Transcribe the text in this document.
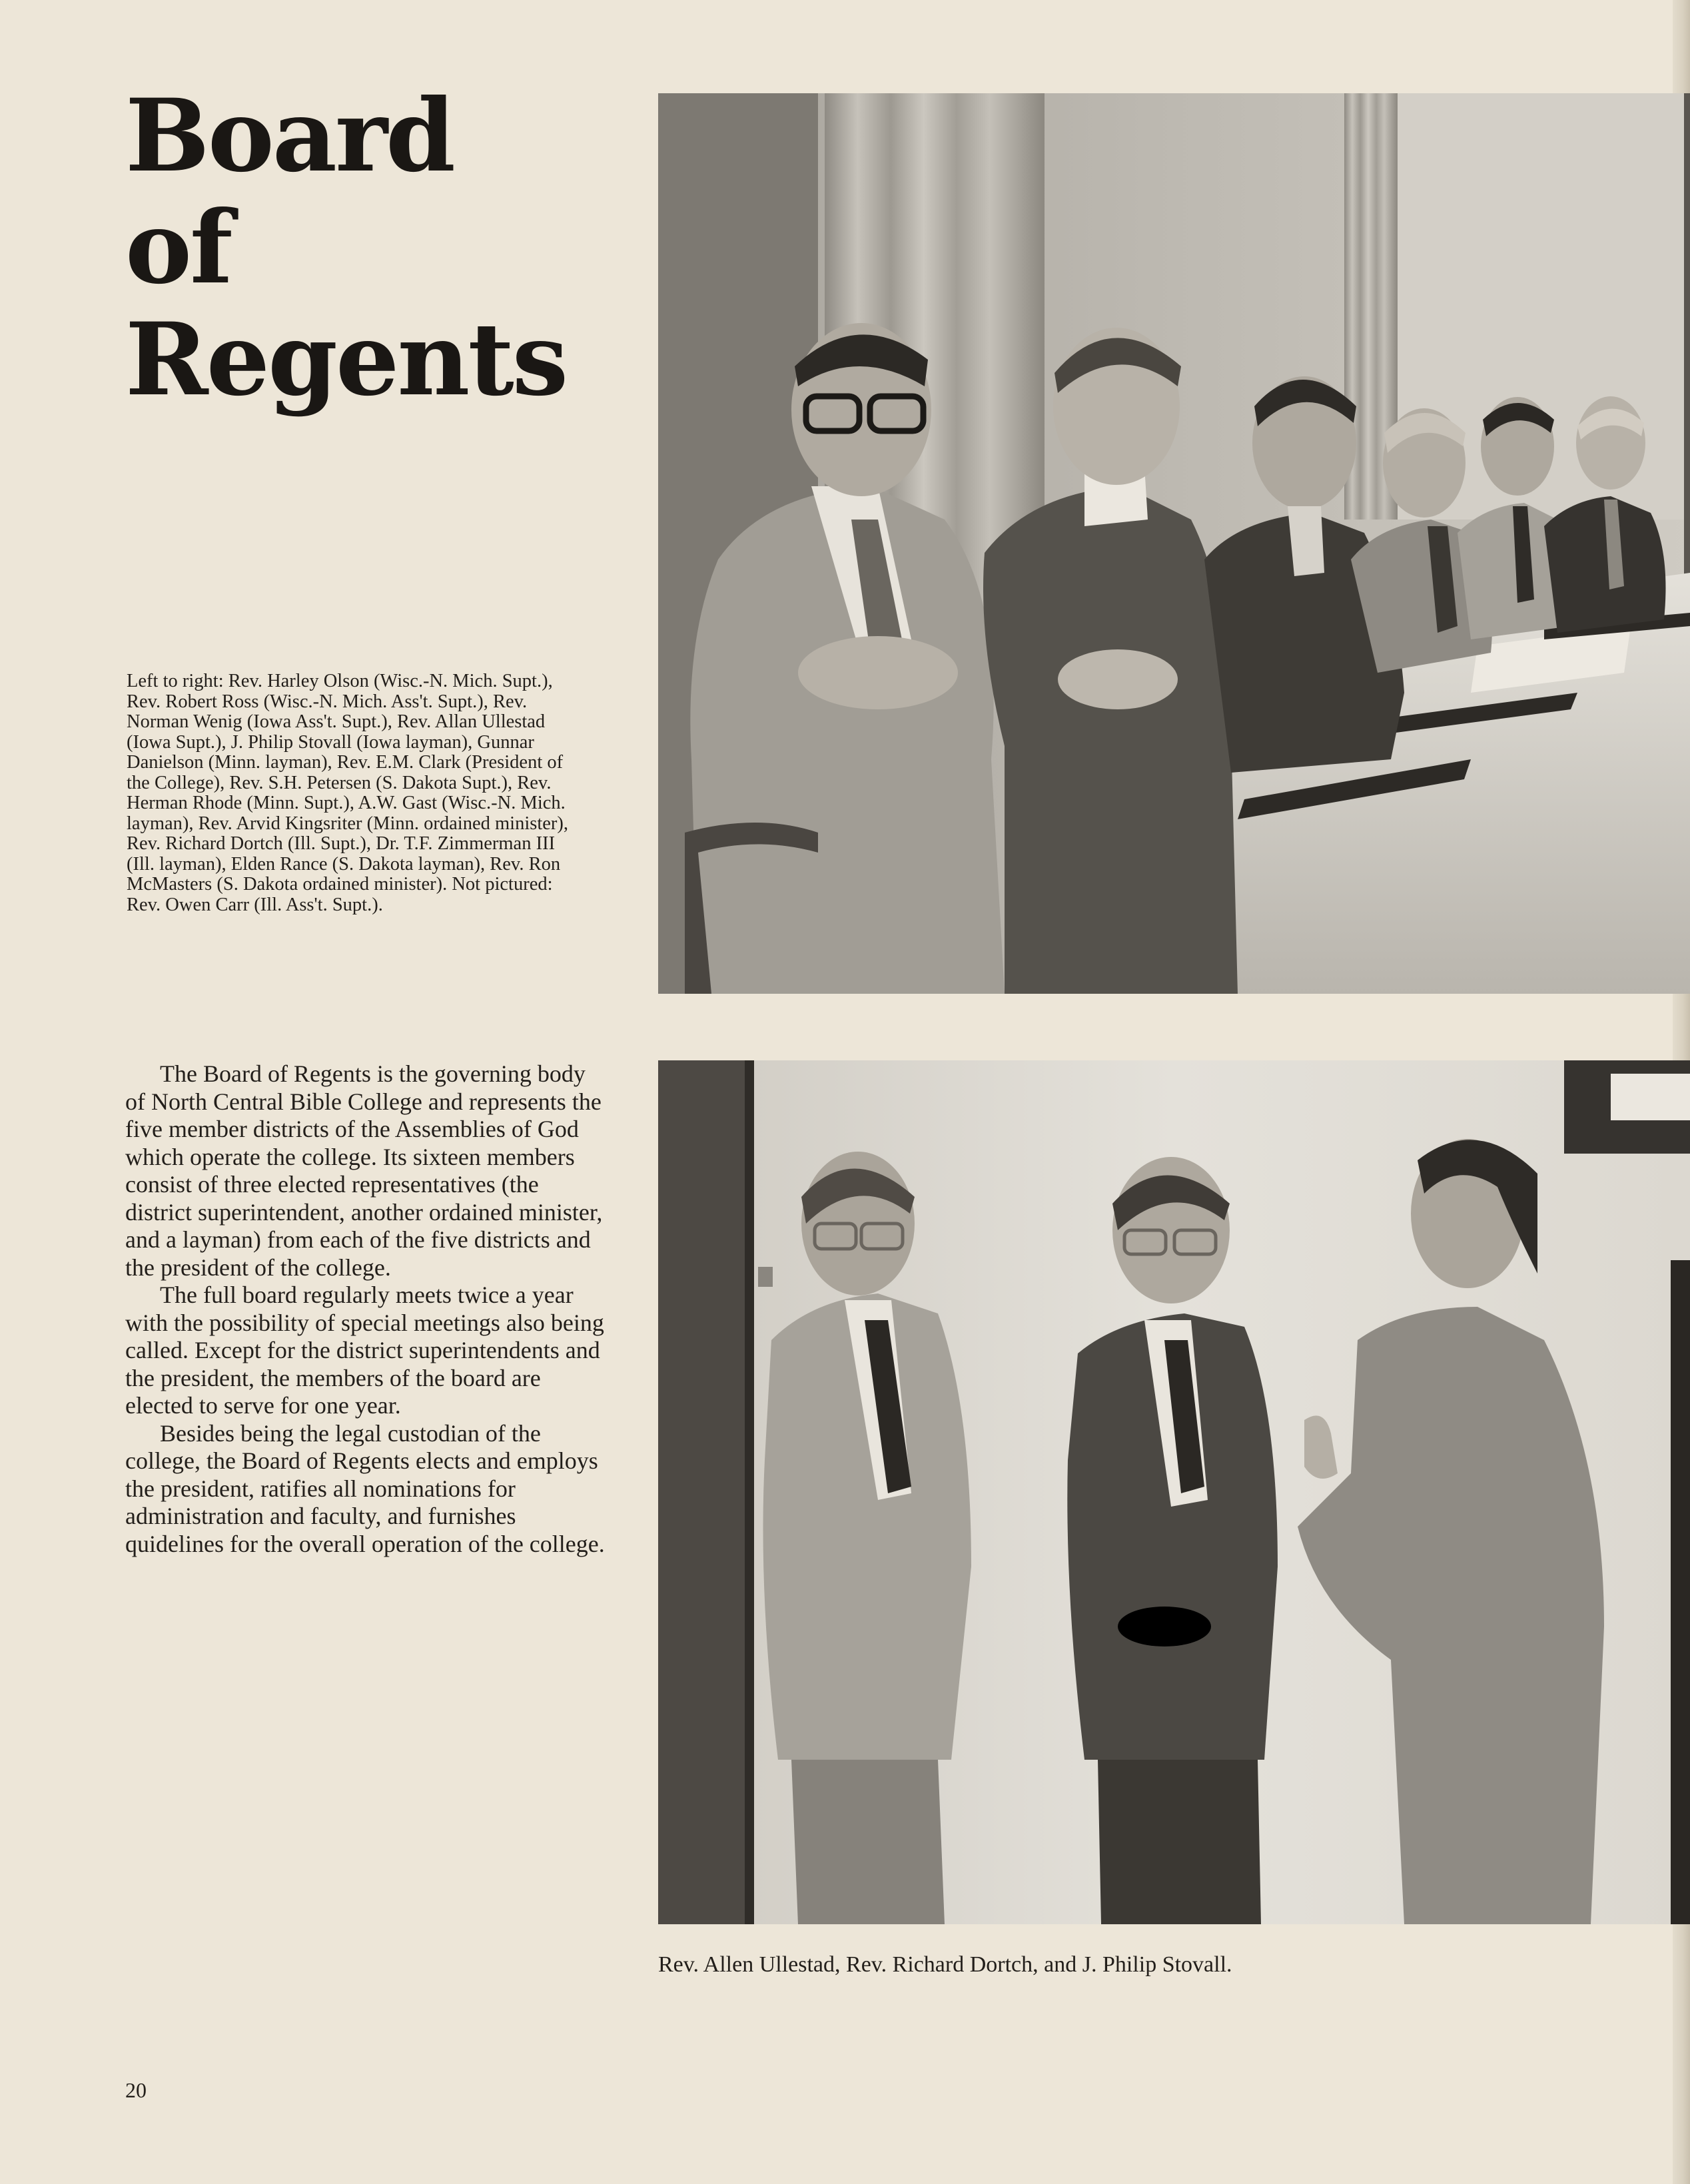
Board of
Regents

Left to right: Rev. Harley Olson (Wisc.-N. Mich. Supt.), Rev. Robert Ross (Wisc.-N. Mich. Ass't. Supt.), Rev. Norman Wenig (Iowa Ass't. Supt.), Rev. Allan Ullestad (Iowa Supt.), J. Philip Stovall (Iowa layman), Gunnar Danielson (Minn. layman), Rev. E.M. Clark (President of the College), Rev. S.H. Petersen (S. Dakota Supt.), Rev. Herman Rhode (Minn. Supt.), A.W. Gast (Wisc.-N. Mich. layman), Rev. Arvid Kingsriter (Minn. ordained minister), Rev. Richard Dortch (Ill. Supt.), Dr. T.F. Zimmerman III (Ill. layman), Elden Rance (S. Dakota layman), Rev. Ron McMasters (S. Dakota ordained minister). Not pictured: Rev. Owen Carr (Ill. Ass't. Supt.).

The Board of Regents is the governing body of North Central Bible College and represents the five member districts of the Assemblies of God which operate the college. Its sixteen members consist of three elected representatives (the district superintendent, another ordained minister, and a layman) from each of the five districts and the president of the college.

The full board regularly meets twice a year with the possibility of special meetings also being called. Except for the district superintendents and the president, the members of the board are elected to serve for one year.

Besides being the legal custodian of the college, the Board of Regents elects and employs the president, ratifies all nominations for administration and faculty, and furnishes quidelines for the overall operation of the college.

Rev. Allen Ullestad, Rev. Richard Dortch, and J. Philip Stovall.

20
